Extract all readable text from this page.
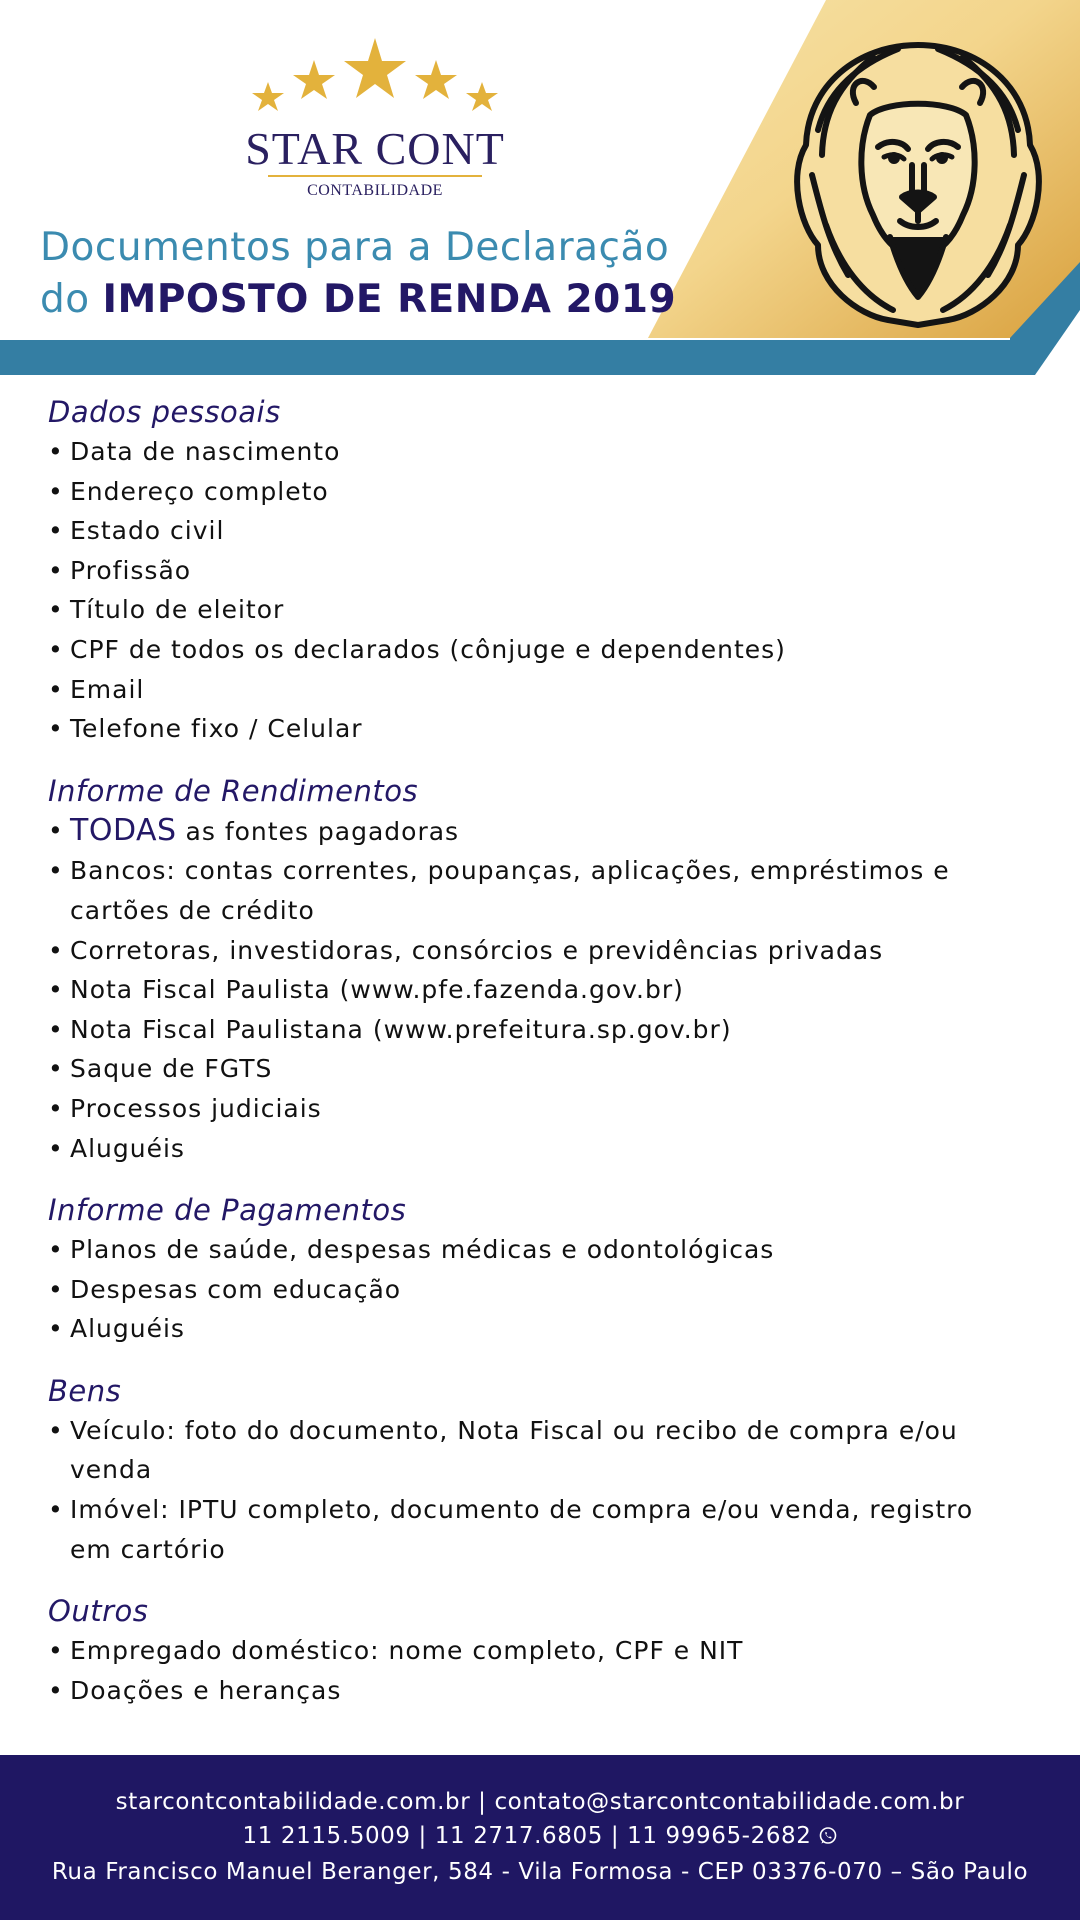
STAR CONT
CONTABILIDADE
Documentos para a Declaração
do IMPOSTO DE RENDA 2019
Dados pessoais
• Data de nascimento
• Endereço completo
• Estado civil
• Profissão
• Título de eleitor
• CPF de todos os declarados (cônjuge e dependentes)
• Email
• Telefone fixo / Celular
Informe de Rendimentos
• TODAS as fontes pagadoras
• Bancos: contas correntes, poupanças, aplicações, empréstimos e cartões de crédito
• Corretoras, investidoras, consórcios e previdências privadas
• Nota Fiscal Paulista (www.pfe.fazenda.gov.br)
• Nota Fiscal Paulistana (www.prefeitura.sp.gov.br)
• Saque de FGTS
• Processos judiciais
• Aluguéis
Informe de Pagamentos
• Planos de saúde, despesas médicas e odontológicas
• Despesas com educação
• Aluguéis
Bens
• Veículo: foto do documento, Nota Fiscal ou recibo de compra e/ou venda
• Imóvel: IPTU completo, documento de compra e/ou venda, registro em cartório
Outros
• Empregado doméstico: nome completo, CPF e NIT
• Doações e heranças
starcontcontabilidade.com.br | contato@starcontcontabilidade.com.br
11 2115.5009 | 11 2717.6805 | 11 99965-2682
Rua Francisco Manuel Beranger, 584 - Vila Formosa - CEP 03376-070 – São Paulo
